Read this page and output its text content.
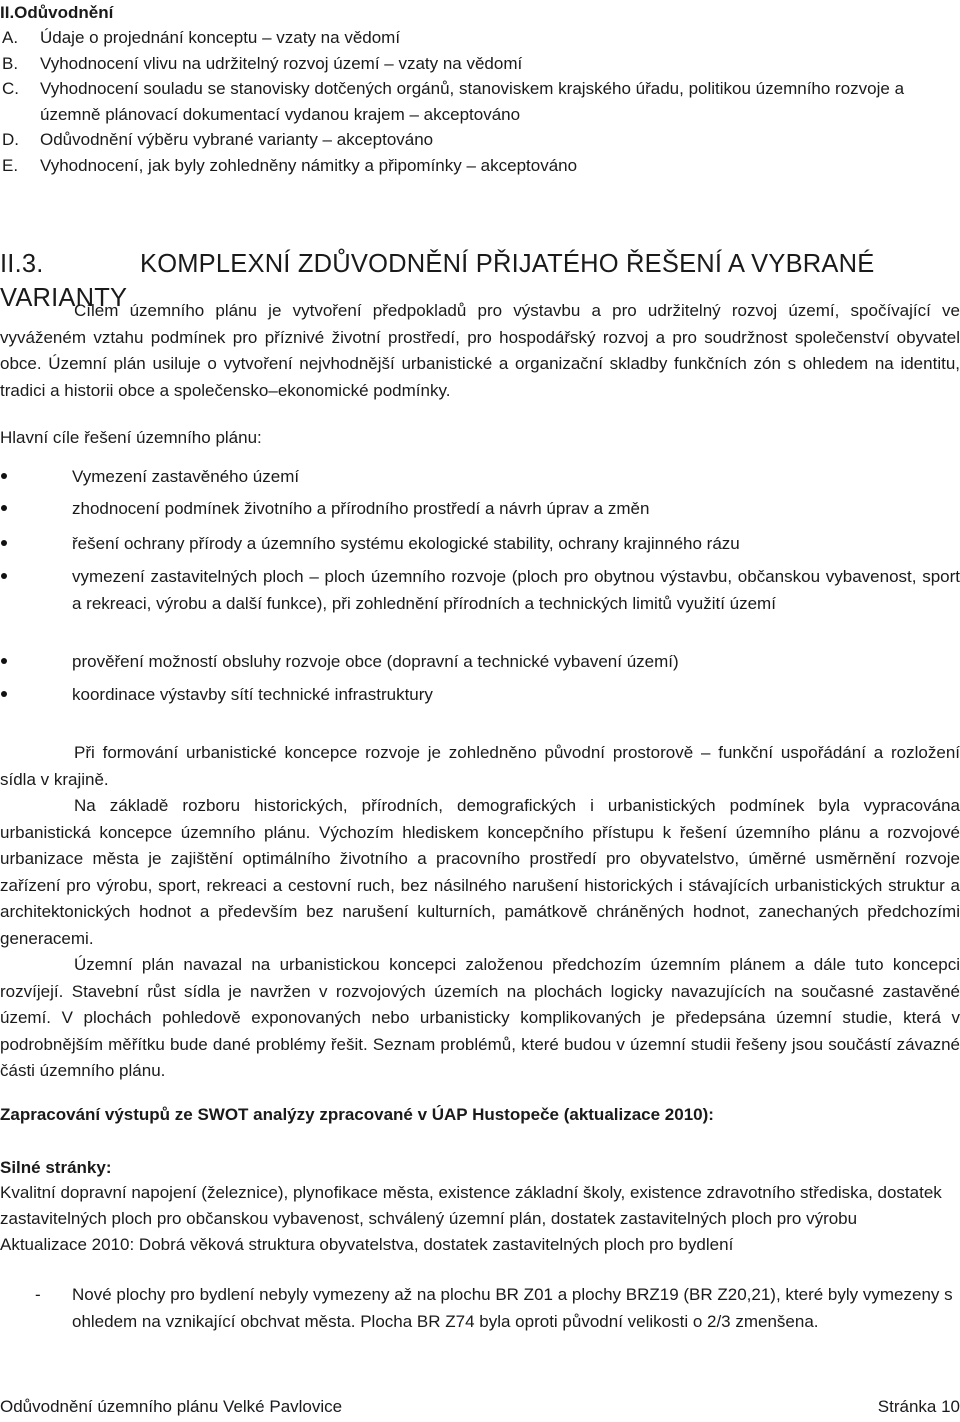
II.Odůvodnění
A.	Údaje o projednání konceptu – vzaty na vědomí
B.	Vyhodnocení vlivu na udržitelný rozvoj území – vzaty na vědomí
C.	Vyhodnocení souladu se stanovisky dotčených orgánů, stanoviskem krajského úřadu, politikou územního rozvoje a územně plánovací dokumentací vydanou krajem – akceptováno
D.	Odůvodnění výběru vybrané varianty – akceptováno
E.	Vyhodnocení, jak byly zohledněny námitky a připomínky – akceptováno
II.3.	KOMPLEXNÍ ZDŮVODNĚNÍ PŘIJATÉHO ŘEŠENÍ A VYBRANÉ VARIANTY

Cílem územního plánu je vytvoření předpokladů pro výstavbu a pro udržitelný rozvoj území, spočívající ve vyváženém vztahu podmínek pro příznivé životní prostředí, pro hospodářský rozvoj a pro soudržnost společenství obyvatel obce. Územní plán usiluje o vytvoření nejvhodnější urbanistické a organizační skladby funkčních zón s ohledem na identitu, tradici a historii obce a společensko–ekonomické podmínky.

Hlavní cíle řešení územního plánu:
Vymezení zastavěného území
zhodnocení podmínek životního a přírodního prostředí a návrh úprav a změn
řešení ochrany přírody a územního systému ekologické stability, ochrany krajinného rázu
vymezení zastavitelných ploch – ploch územního rozvoje (ploch pro obytnou výstavbu, občanskou vybavenost, sport a rekreaci, výrobu a další funkce), při zohlednění přírodních a technických limitů využití území
prověření možností obsluhy rozvoje obce (dopravní a technické vybavení území)
koordinace výstavby sítí technické infrastruktury

Při formování urbanistické koncepce rozvoje je zohledněno původní prostorově – funkční uspořádání a rozložení sídla v krajině.

Na základě rozboru historických, přírodních, demografických i urbanistických podmínek byla vypracována urbanistická koncepce územního plánu. Výchozím hlediskem koncepčního přístupu k řešení územního plánu a rozvojové urbanizace města je zajištění optimálního životního a pracovního prostředí pro obyvatelstvo, úměrné usměrnění rozvoje zařízení pro výrobu, sport, rekreaci a cestovní ruch, bez násilného narušení historických i stávajících urbanistických struktur a architektonických hodnot a především bez narušení kulturních, památkově chráněných hodnot, zanechaných předchozími generacemi.

Územní plán navazal na urbanistickou koncepci založenou předchozím územním plánem a dále tuto koncepci rozvíjejí. Stavební růst sídla je navržen v rozvojových územích na plochách logicky navazujících na současné zastavěné území. V plochách pohledově exponovaných nebo urbanisticky komplikovaných je předepsána územní studie, která v podrobnějším měřítku bude dané problémy řešit. Seznam problémů, které budou v územní studii řešeny jsou součástí závazné části územního plánu.

Zapracování výstupů ze SWOT analýzy zpracované v ÚAP Hustopeče (aktualizace 2010):
Silné stránky:

Kvalitní dopravní napojení (železnice), plynofikace města, existence základní školy, existence zdravotního střediska, dostatek zastavitelných ploch pro občanskou vybavenost, schválený územní plán, dostatek zastavitelných ploch pro výrobu

Aktualizace 2010: Dobrá věková struktura obyvatelstva, dostatek zastavitelných ploch pro bydlení

-	Nové plochy pro bydlení nebyly vymezeny až na plochu BR Z01 a plochy BRZ19 (BR Z20,21), které byly vymezeny s ohledem na vznikající obchvat města. Plocha BR Z74 byla oproti původní velikosti o 2/3 zmenšena.
Odůvodnění územního plánu Velké Pavlovice	Stránka 10
